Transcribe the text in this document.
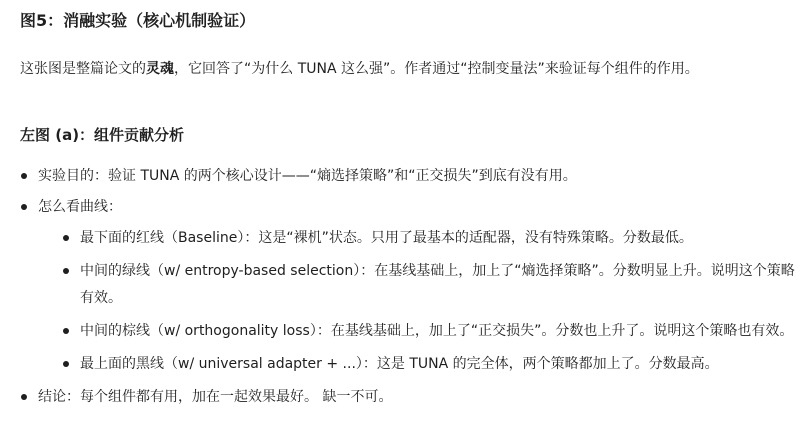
图5：消融实验（核心机制验证）

这张图是整篇论文的灵魂，它回答了“为什么 TUNA 这么强”。作者通过“控制变量法”来验证每个组件的作用。

左图 (a)：组件贡献分析
实验目的：验证 TUNA 的两个核心设计——“熵选择策略”和“正交损失”到底有没有用。
怎么看曲线：
最下面的红线（Baseline）：这是“裸机”状态。只用了最基本的适配器，没有特殊策略。分数最低。
中间的绿线（w/ entropy-based selection）：在基线基础上，加上了“熵选择策略”。分数明显上升。说明这个策略有效。
中间的棕线（w/ orthogonality loss）：在基线基础上，加上了“正交损失”。分数也上升了。说明这个策略也有效。
最上面的黑线（w/ universal adapter + ...）：这是 TUNA 的完全体，两个策略都加上了。分数最高。
结论：每个组件都有用，加在一起效果最好。 缺一不可。
